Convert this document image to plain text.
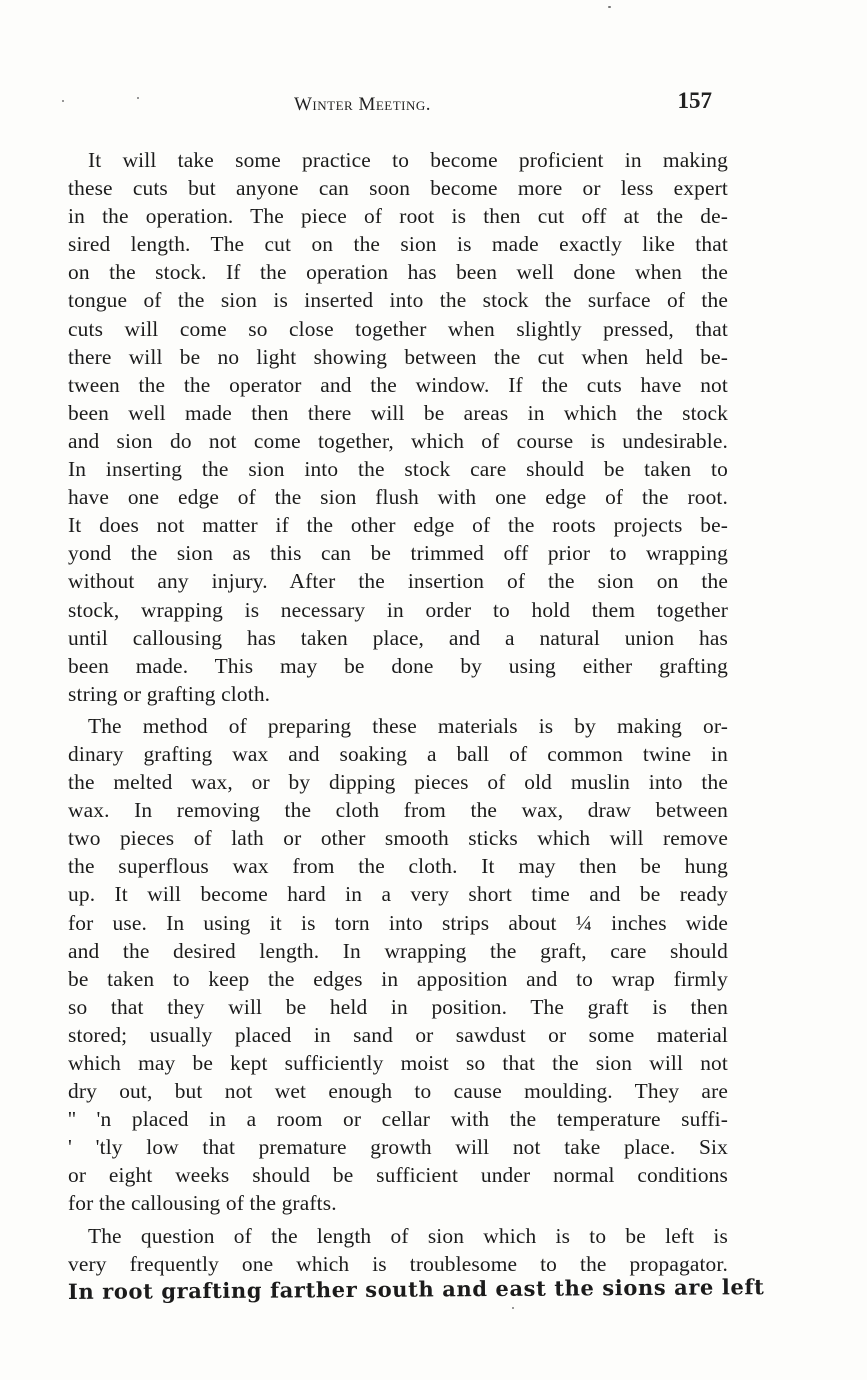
Winter Meeting.	157
It will take some practice to become proficient in making
these cuts but anyone can soon become more or less expert
in the operation. The piece of root is then cut off at the de-
sired length. The cut on the sion is made exactly like that
on the stock. If the operation has been well done when the
tongue of the sion is inserted into the stock the surface of the
cuts will come so close together when slightly pressed, that
there will be no light showing between the cut when held be-
tween the the operator and the window. If the cuts have not
been well made then there will be areas in which the stock
and sion do not come together, which of course is undesirable.
In inserting the sion into the stock care should be taken to
have one edge of the sion flush with one edge of the root.
It does not matter if the other edge of the roots projects be-
yond the sion as this can be trimmed off prior to wrapping
without any injury. After the insertion of the sion on the
stock, wrapping is necessary in order to hold them together
until callousing has taken place, and a natural union has
been made. This may be done by using either grafting
string or grafting cloth.
The method of preparing these materials is by making or-
dinary grafting wax and soaking a ball of common twine in
the melted wax, or by dipping pieces of old muslin into the
wax. In removing the cloth from the wax, draw between
two pieces of lath or other smooth sticks which will remove
the superflous wax from the cloth. It may then be hung
up. It will become hard in a very short time and be ready
for use. In using it is torn into strips about ¼ inches wide
and the desired length. In wrapping the graft, care should
be taken to keep the edges in apposition and to wrap firmly
so that they will be held in position. The graft is then
stored; usually placed in sand or sawdust or some material
which may be kept sufficiently moist so that the sion will not
dry out, but not wet enough to cause moulding. They are
'' 'n placed in a room or cellar with the temperature suffi-
' 'tly low that premature growth will not take place. Six
or eight weeks should be sufficient under normal conditions
for the callousing of the grafts.
The question of the length of sion which is to be left is
very frequently one which is troublesome to the propagator.
In root grafting farther south and east the sions are left
